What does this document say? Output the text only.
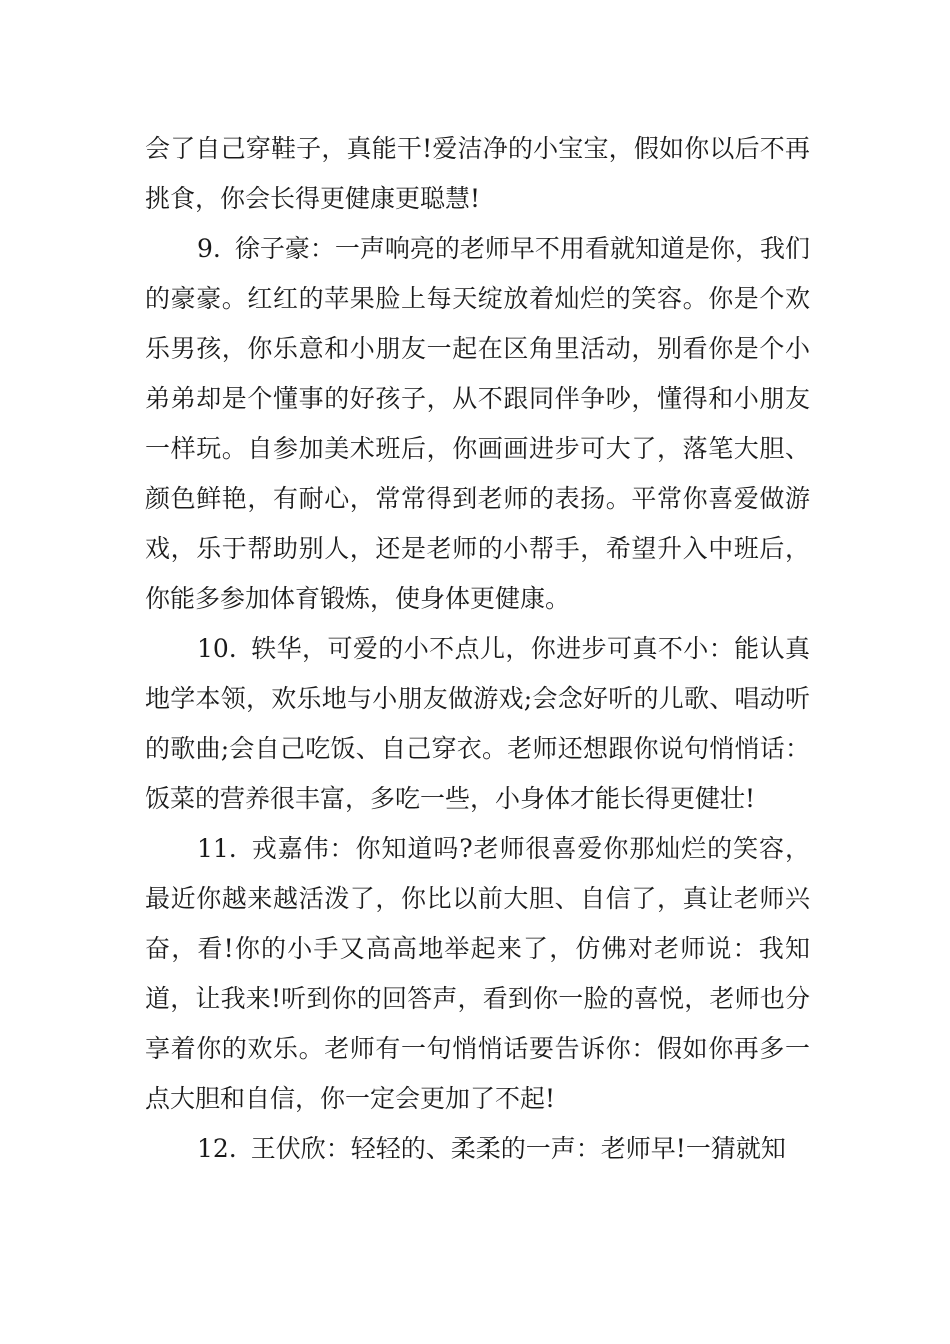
会了自己穿鞋子，真能干!爱洁净的小宝宝，假如你以后不再挑食，你会长得更健康更聪慧!

9. 徐子豪：一声响亮的老师早不用看就知道是你，我们的豪豪。红红的苹果脸上每天绽放着灿烂的笑容。你是个欢乐男孩，你乐意和小朋友一起在区角里活动，别看你是个小弟弟却是个懂事的好孩子，从不跟同伴争吵，懂得和小朋友一样玩。自参加美术班后，你画画进步可大了，落笔大胆、颜色鲜艳，有耐心，常常得到老师的表扬。平常你喜爱做游戏，乐于帮助别人，还是老师的小帮手，希望升入中班后，你能多参加体育锻炼，使身体更健康。

10. 轶华，可爱的小不点儿，你进步可真不小：能认真地学本领，欢乐地与小朋友做游戏;会念好听的儿歌、唱动听的歌曲;会自己吃饭、自己穿衣。老师还想跟你说句悄悄话：饭菜的营养很丰富，多吃一些，小身体才能长得更健壮!

11. 戎嘉伟：你知道吗?老师很喜爱你那灿烂的笑容，最近你越来越活泼了，你比以前大胆、自信了，真让老师兴奋，看!你的小手又高高地举起来了，仿佛对老师说：我知道，让我来!听到你的回答声，看到你一脸的喜悦，老师也分享着你的欢乐。老师有一句悄悄话要告诉你：假如你再多一点大胆和自信，你一定会更加了不起!

12. 王伏欣：轻轻的、柔柔的一声：老师早!一猜就知
